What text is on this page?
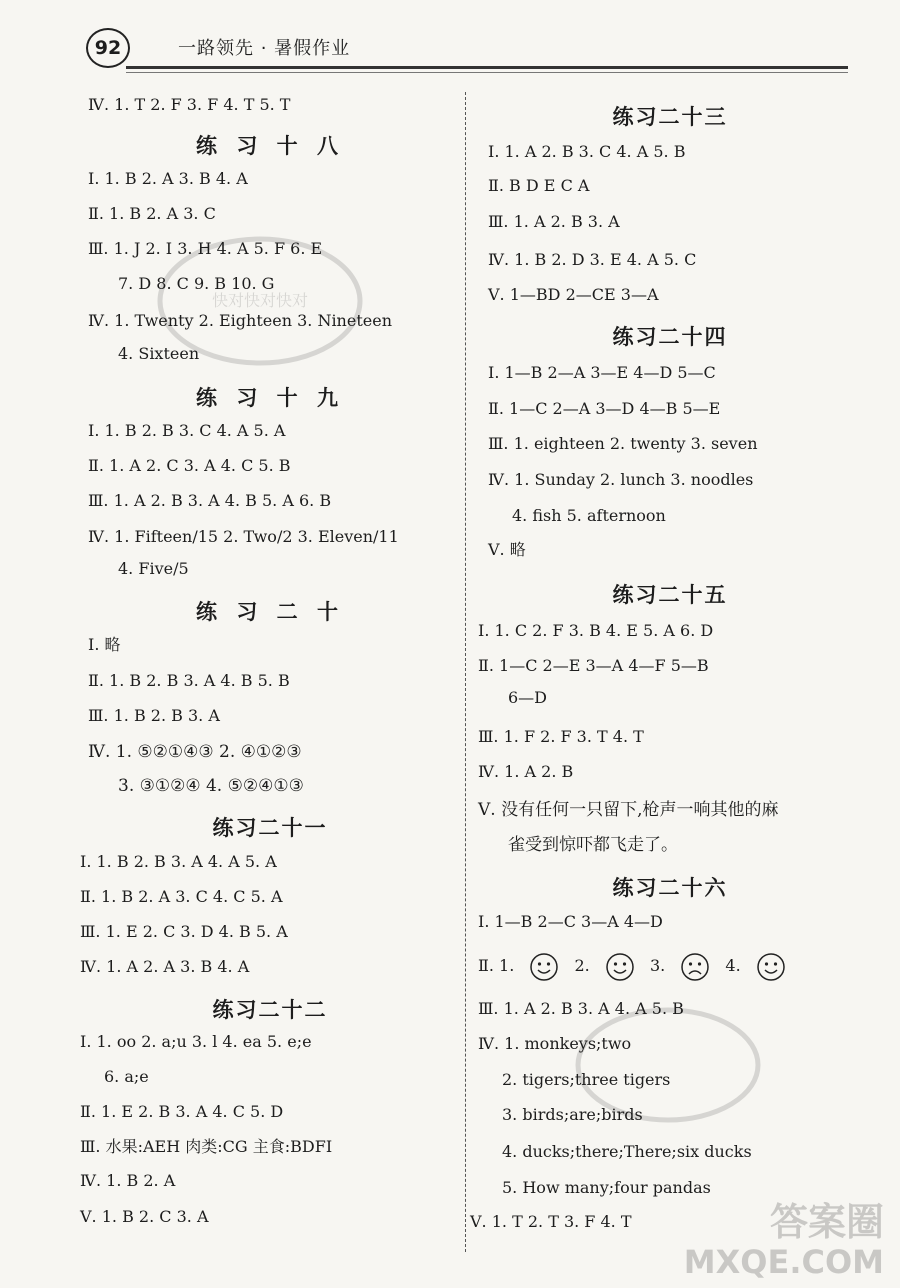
92	一路领先 · 暑假作业
快对快对快对
Ⅳ. 1. T 2. F 3. F 4. T 5. T
练 习 十 八
Ⅰ. 1. B 2. A 3. B 4. A
Ⅱ. 1. B 2. A 3. C
Ⅲ. 1. J 2. I 3. H 4. A 5. F 6. E
7. D 8. C 9. B 10. G
Ⅳ. 1. Twenty 2. Eighteen 3. Nineteen
4. Sixteen
练 习 十 九
Ⅰ. 1. B 2. B 3. C 4. A 5. A
Ⅱ. 1. A 2. C 3. A 4. C 5. B
Ⅲ. 1. A 2. B 3. A 4. B 5. A 6. B
Ⅳ. 1. Fifteen/15 2. Two/2 3. Eleven/11
4. Five/5
练 习 二 十
Ⅰ. 略
Ⅱ. 1. B 2. B 3. A 4. B 5. B
Ⅲ. 1. B 2. B 3. A
Ⅳ. 1. ⑤②①④③ 2. ④①②③
3. ③①②④ 4. ⑤②④①③
练习二十一
Ⅰ. 1. B 2. B 3. A 4. A 5. A
Ⅱ. 1. B 2. A 3. C 4. C 5. A
Ⅲ. 1. E 2. C 3. D 4. B 5. A
Ⅳ. 1. A 2. A 3. B 4. A
练习二十二
Ⅰ. 1. oo 2. a;u 3. l 4. ea 5. e;e
6. a;e
Ⅱ. 1. E 2. B 3. A 4. C 5. D
Ⅲ. 水果:AEH 肉类:CG 主食:BDFI
Ⅳ. 1. B 2. A
Ⅴ. 1. B 2. C 3. A
练习二十三
Ⅰ. 1. A 2. B 3. C 4. A 5. B
Ⅱ. B D E C A
Ⅲ. 1. A 2. B 3. A
Ⅳ. 1. B 2. D 3. E 4. A 5. C
Ⅴ. 1—BD 2—CE 3—A
练习二十四
Ⅰ. 1—B 2—A 3—E 4—D 5—C
Ⅱ. 1—C 2—A 3—D 4—B 5—E
Ⅲ. 1. eighteen 2. twenty 3. seven
Ⅳ. 1. Sunday 2. lunch 3. noodles
4. fish 5. afternoon
Ⅴ. 略
练习二十五
Ⅰ. 1. C 2. F 3. B 4. E 5. A 6. D
Ⅱ. 1—C 2—E 3—A 4—F 5—B
6—D
Ⅲ. 1. F 2. F 3. T 4. T
Ⅳ. 1. A 2. B
Ⅴ. 没有任何一只留下,枪声一响其他的麻
雀受到惊吓都飞走了。
练习二十六
Ⅰ. 1—B 2—C 3—A 4—D
Ⅱ. 1.	2.	3.	4.
Ⅲ. 1. A 2. B 3. A 4. A 5. B
Ⅳ. 1. monkeys;two
2. tigers;three tigers
3. birds;are;birds
4. ducks;there;There;six ducks
5. How many;four pandas
Ⅴ. 1. T 2. T 3. F 4. T	答案圈
MXQE.COM
